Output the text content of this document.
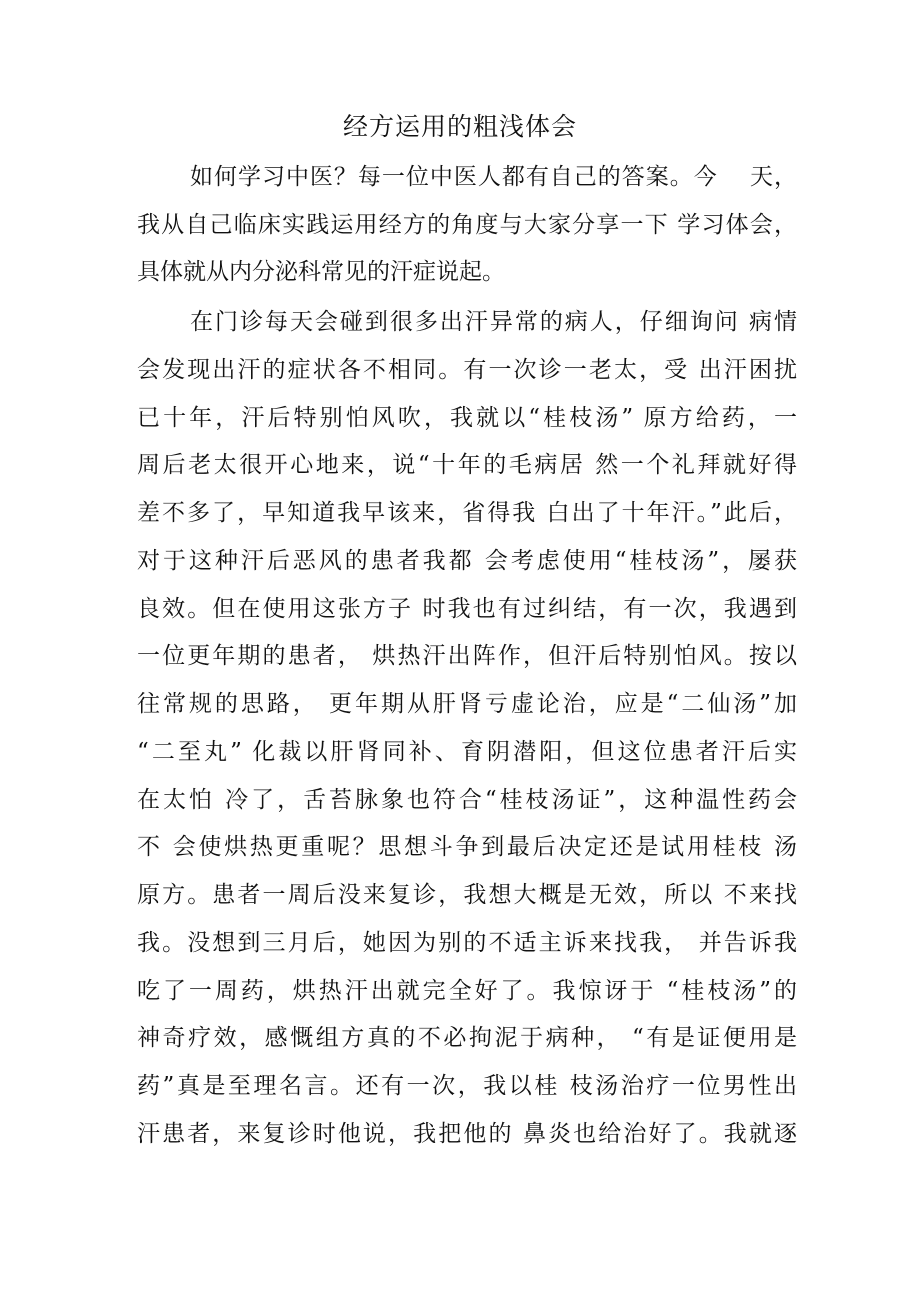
经方运用的粗浅体会
如何学习中医？每一位中医人都有自己的答案。今　 天，
我从自己临床实践运用经方的角度与大家分享一下 学习体会，
具体就从内分泌科常见的汗症说起。
在门诊每天会碰到很多出汗异常的病人，仔细询问 病情
会发现出汗的症状各不相同。有一次诊一老太，受 出汗困扰
已十年，汗后特别怕风吹，我就以“桂枝汤” 原方给药，一
周后老太很开心地来，说“十年的毛病居 然一个礼拜就好得
差不多了，早知道我早该来，省得我 白出了十年汗。”此后，
对于这种汗后恶风的患者我都 会考虑使用“桂枝汤”，屡获
良效。但在使用这张方子 时我也有过纠结，有一次，我遇到
一位更年期的患者， 烘热汗出阵作，但汗后特别怕风。按以
往常规的思路， 更年期从肝肾亏虚论治，应是“二仙汤”加
“二至丸” 化裁以肝肾同补、育阴潜阳，但这位患者汗后实
在太怕 冷了，舌苔脉象也符合“桂枝汤证”，这种温性药会
不 会使烘热更重呢？思想斗争到最后决定还是试用桂枝 汤
原方。患者一周后没来复诊，我想大概是无效，所以 不来找
我。没想到三月后，她因为别的不适主诉来找我， 并告诉我
吃了一周药，烘热汗出就完全好了。我惊讶于 “桂枝汤”的
神奇疗效，感慨组方真的不必拘泥于病种， “有是证便用是
药”真是至理名言。还有一次，我以桂 枝汤治疗一位男性出
汗患者，来复诊时他说，我把他的 鼻炎也给治好了。我就逐
